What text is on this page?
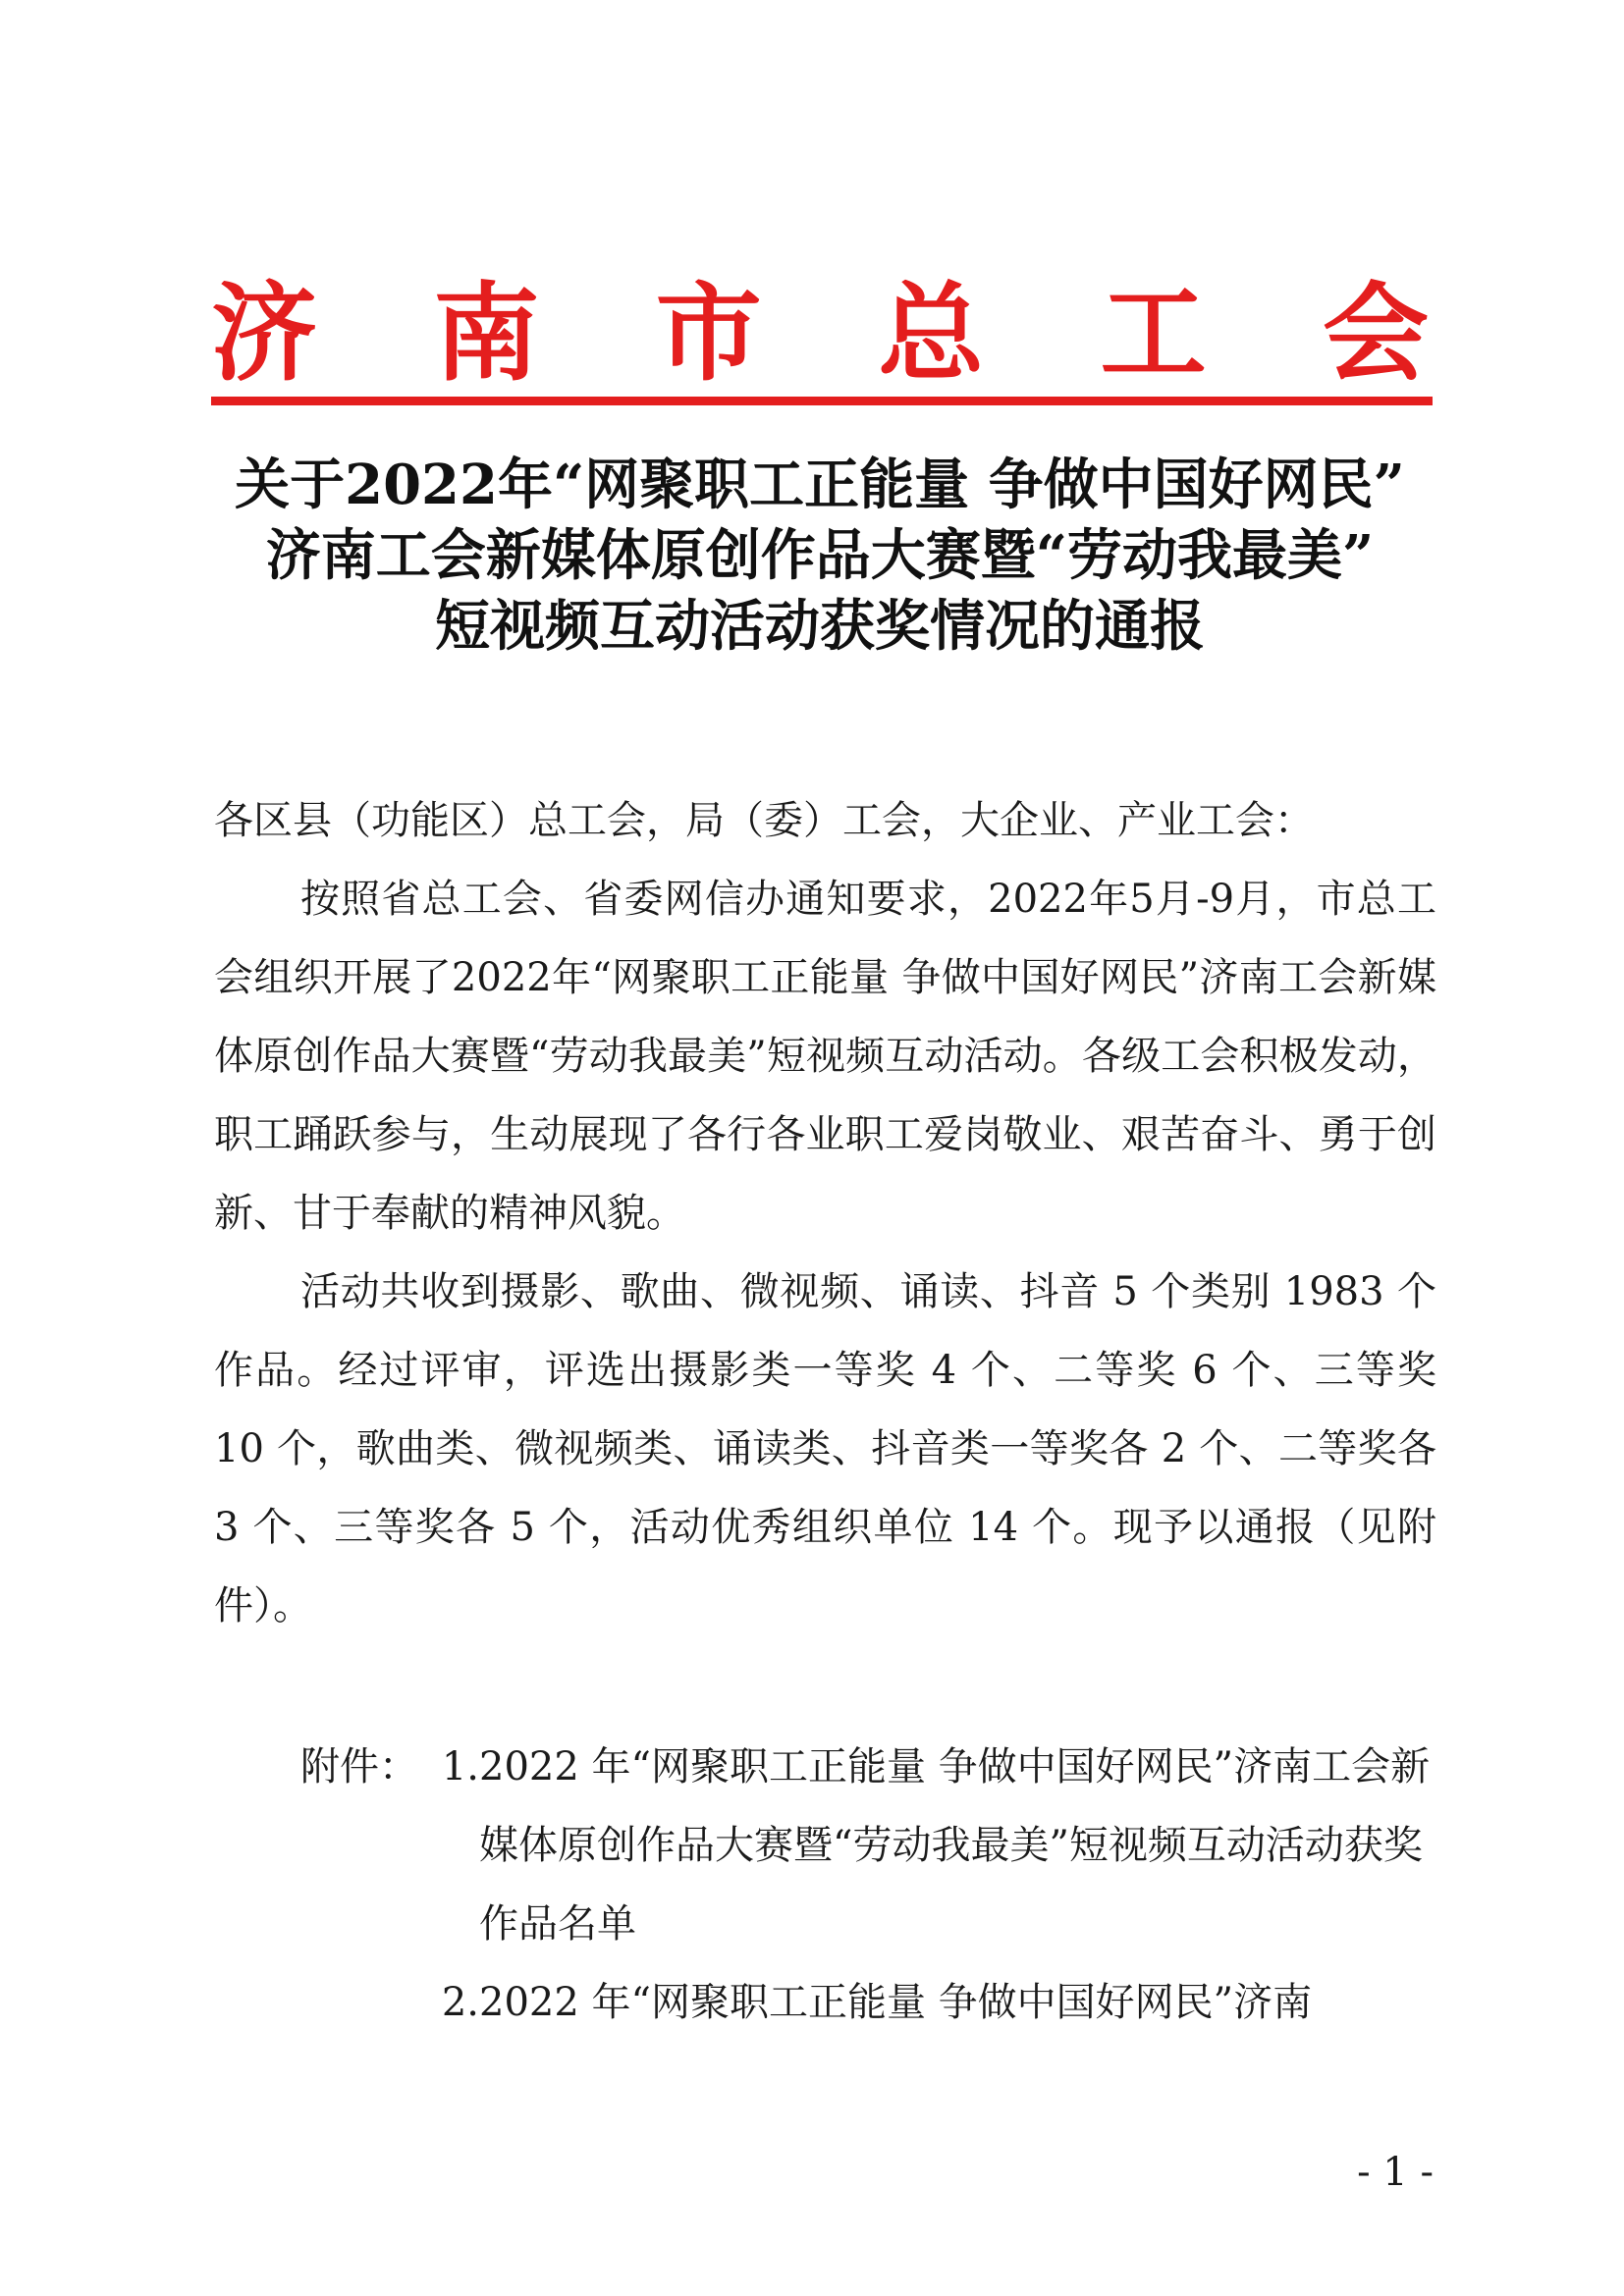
济 南 市 总 工 会
关于2022年“网聚职工正能量 争做中国好网民”
济南工会新媒体原创作品大赛暨“劳动我最美”
短视频互动活动获奖情况的通报

各区县（功能区）总工会，局（委）工会，大企业、产业工会：

按照省总工会、省委网信办通知要求，2022年5月-9月，市总工会组织开展了2022年“网聚职工正能量 争做中国好网民”济南工会新媒体原创作品大赛暨“劳动我最美”短视频互动活动。各级工会积极发动，职工踊跃参与，生动展现了各行各业职工爱岗敬业、艰苦奋斗、勇于创新、甘于奉献的精神风貌。

活动共收到摄影、歌曲、微视频、诵读、抖音 5 个类别 1983 个作品。经过评审，评选出摄影类一等奖 4 个、二等奖 6 个、三等奖 10 个，歌曲类、微视频类、诵读类、抖音类一等奖各 2 个、二等奖各 3 个、三等奖各 5 个，活动优秀组织单位 14 个。现予以通报（见附件）。

附件： 1. 2022 年“网聚职工正能量 争做中国好网民”济南工会新媒体原创作品大赛暨“劳动我最美”短视频互动活动获奖作品名单
2. 2022 年“网聚职工正能量 争做中国好网民”济南
- 1 -
